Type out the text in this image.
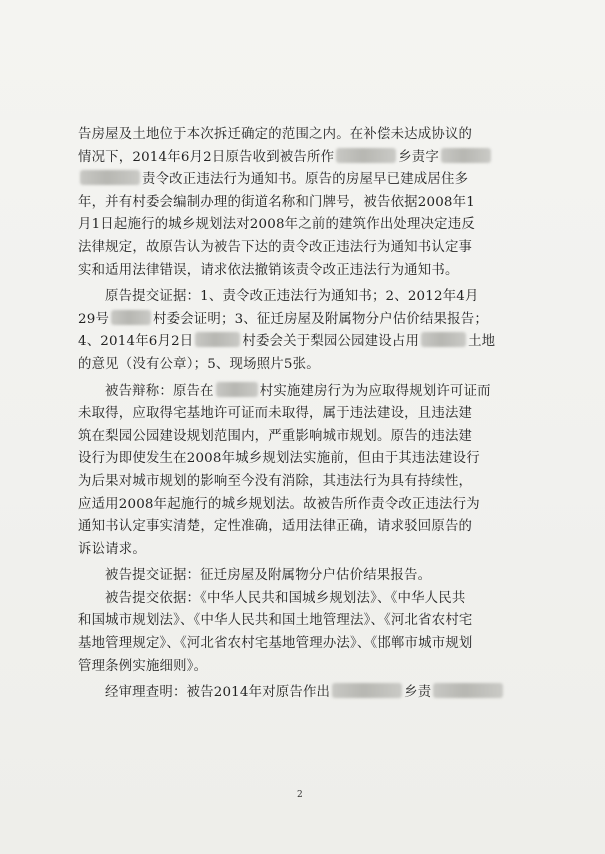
告房屋及土地位于本次拆迁确定的范围之内。在补偿未达成协议的
情况下，2014年6月2日原告收到被告所作	乡责字
责令改正违法行为通知书。原告的房屋早已建成居住多
年，并有村委会编制办理的街道名称和门牌号，被告依据2008年1
月1日起施行的城乡规划法对2008年之前的建筑作出处理决定违反
法律规定，故原告认为被告下达的责令改正违法行为通知书认定事
实和适用法律错误，请求依法撤销该责令改正违法行为通知书。
原告提交证据：1、责令改正违法行为通知书；2、2012年4月
29号	村委会证明；3、征迁房屋及附属物分户估价结果报告；
4、2014年6月2日	村委会关于梨园公园建设占用	土地
的意见（没有公章）；5、现场照片5张。
被告辩称：原告在	村实施建房行为为应取得规划许可证而
未取得，应取得宅基地许可证而未取得，属于违法建设，且违法建
筑在梨园公园建设规划范围内，严重影响城市规划。原告的违法建
设行为即使发生在2008年城乡规划法实施前，但由于其违法建设行
为后果对城市规划的影响至今没有消除，其违法行为具有持续性，
应适用2008年起施行的城乡规划法。故被告所作责令改正违法行为
通知书认定事实清楚，定性准确，适用法律正确，请求驳回原告的
诉讼请求。
被告提交证据：征迁房屋及附属物分户估价结果报告。
被告提交依据：《中华人民共和国城乡规划法》、《中华人民共
和国城市规划法》、《中华人民共和国土地管理法》、《河北省农村宅
基地管理规定》、《河北省农村宅基地管理办法》、《邯郸市城市规划
管理条例实施细则》。
经审理查明：被告2014年对原告作出	乡责
2
